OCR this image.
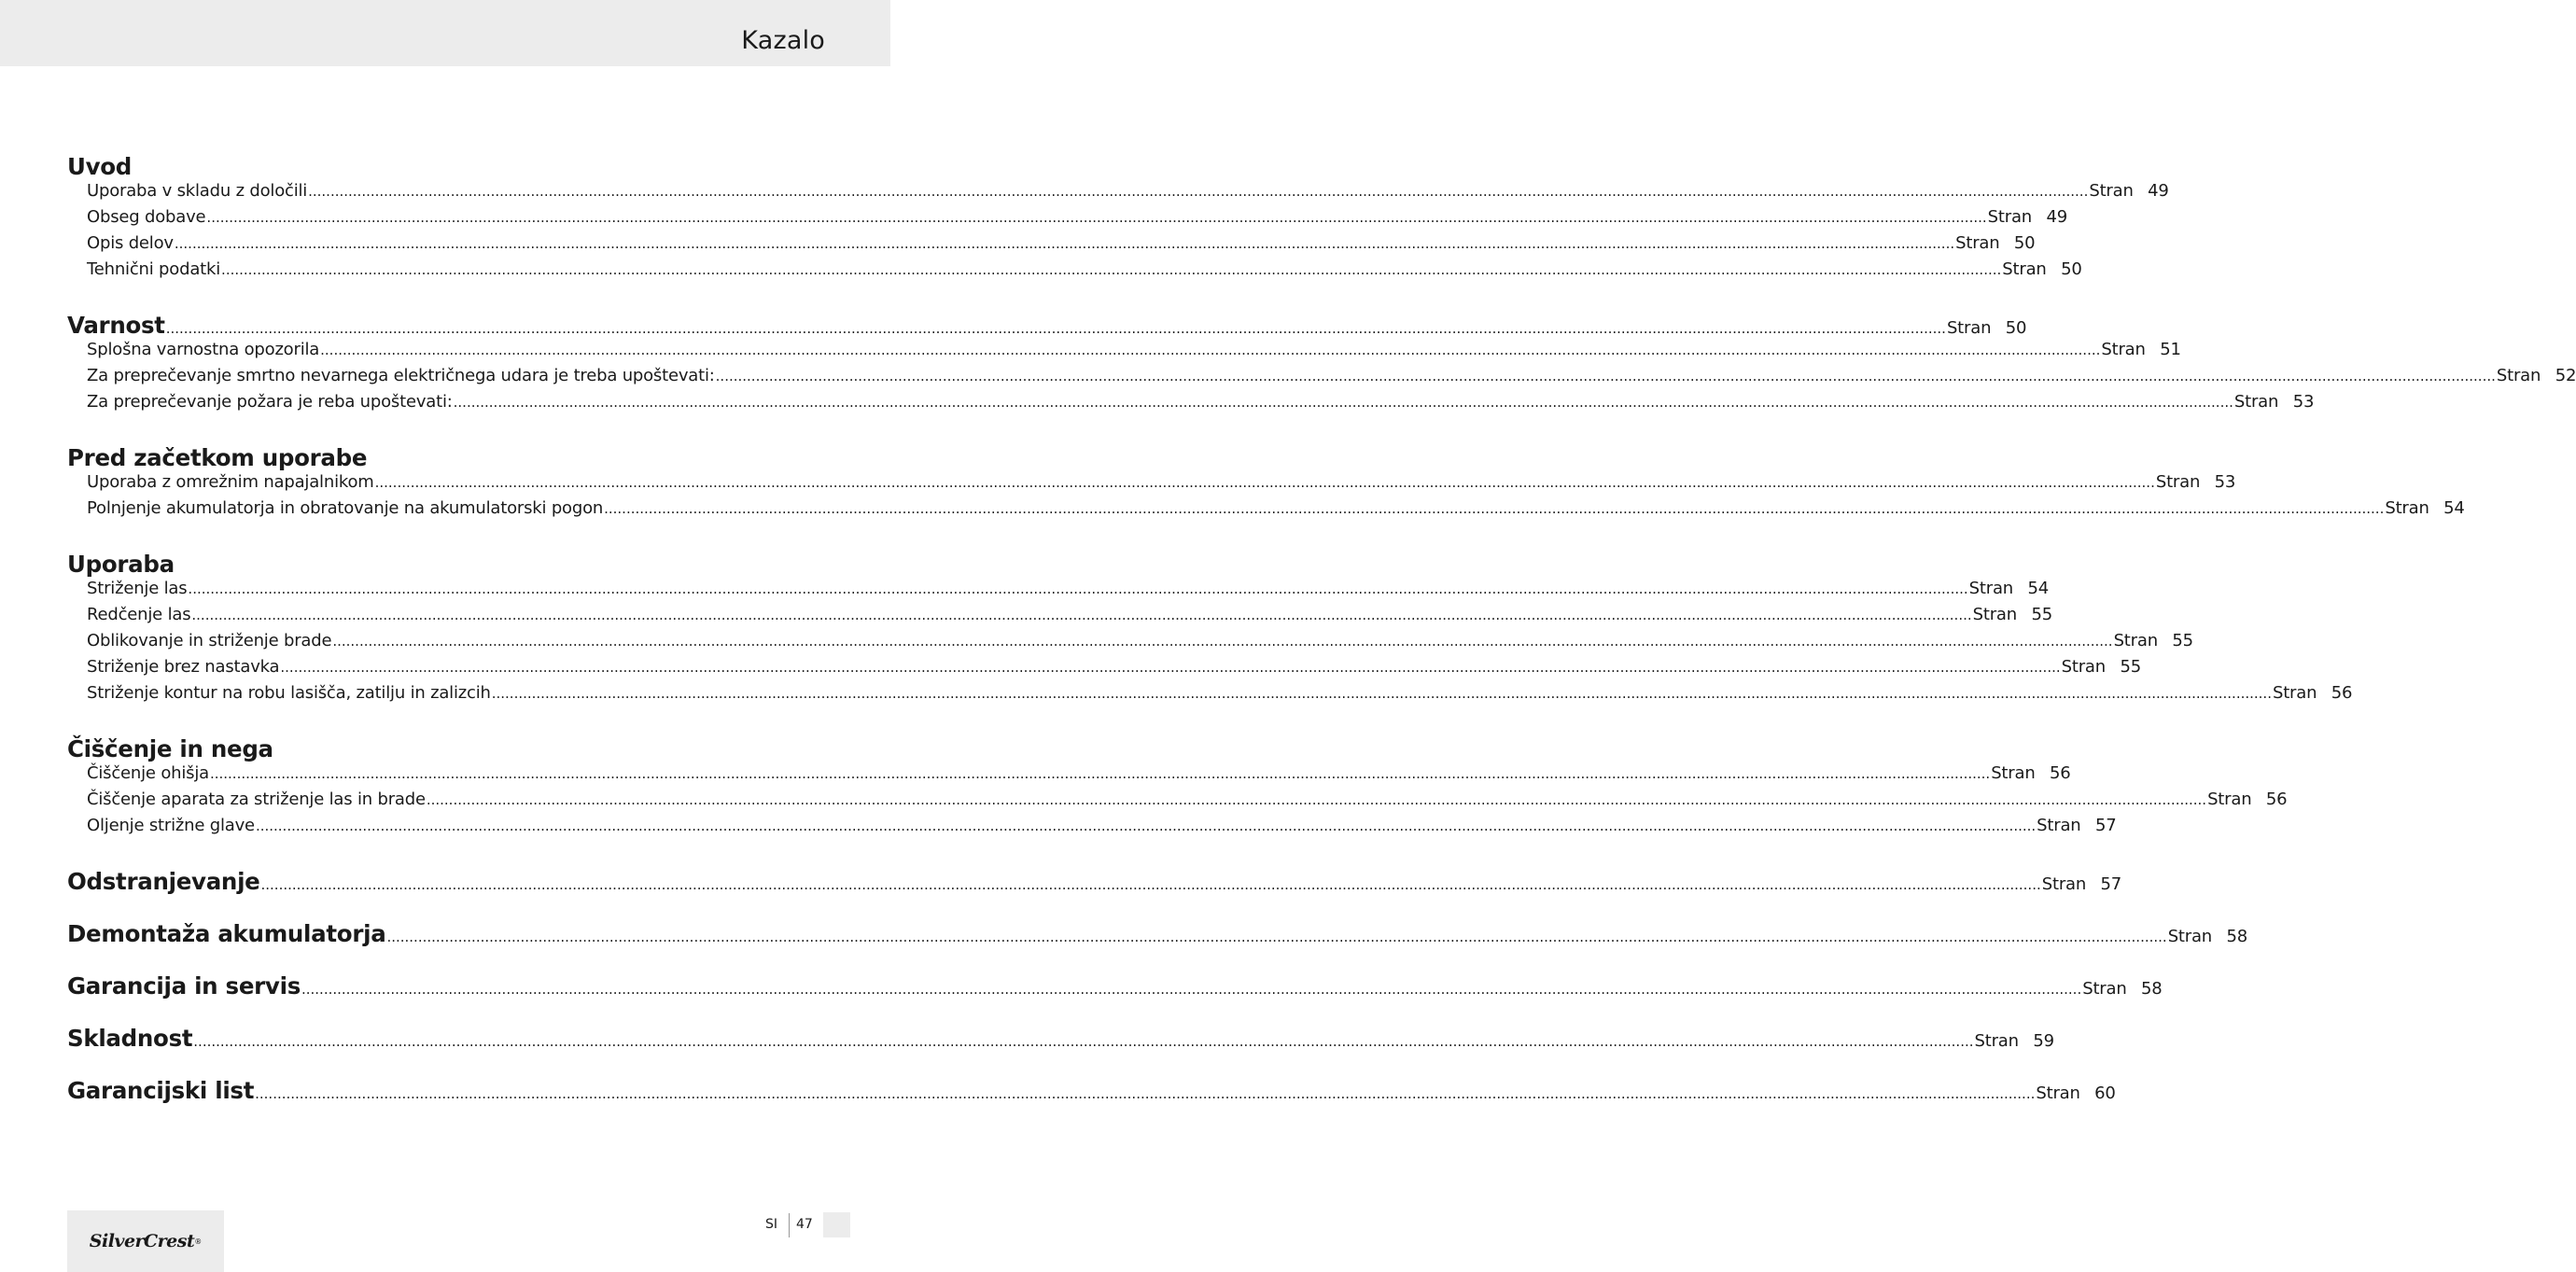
Kazalo
Uvod
Uporaba v skladu z določili ................................................................................................................................................................................................................................................................................................................................................................................................................ Stran 49
Obseg dobave ................................................................................................................................................................................................................................................................................................................................................................................................................ Stran 49
Opis delov ................................................................................................................................................................................................................................................................................................................................................................................................................ Stran 50
Tehnični podatki ................................................................................................................................................................................................................................................................................................................................................................................................................ Stran 50
Varnost ................................................................................................................................................................................................................................................................................................................................................................................................................ Stran 50
Splošna varnostna opozorila ................................................................................................................................................................................................................................................................................................................................................................................................................ Stran 51
Za preprečevanje smrtno nevarnega električnega udara je treba upoštevati: ................................................................................................................................................................................................................................................................................................................................................................................................................ Stran 52
Za preprečevanje požara je reba upoštevati: ................................................................................................................................................................................................................................................................................................................................................................................................................ Stran 53
Pred začetkom uporabe
Uporaba z omrežnim napajalnikom ................................................................................................................................................................................................................................................................................................................................................................................................................ Stran 53
Polnjenje akumulatorja in obratovanje na akumulatorski pogon ................................................................................................................................................................................................................................................................................................................................................................................................................ Stran 54
Uporaba
Striženje las ................................................................................................................................................................................................................................................................................................................................................................................................................ Stran 54
Redčenje las ................................................................................................................................................................................................................................................................................................................................................................................................................ Stran 55
Oblikovanje in striženje brade ................................................................................................................................................................................................................................................................................................................................................................................................................ Stran 55
Striženje brez nastavka ................................................................................................................................................................................................................................................................................................................................................................................................................ Stran 55
Striženje kontur na robu lasišča, zatilju in zalizcih ................................................................................................................................................................................................................................................................................................................................................................................................................ Stran 56
Čiščenje in nega
Čiščenje ohišja ................................................................................................................................................................................................................................................................................................................................................................................................................ Stran 56
Čiščenje aparata za striženje las in brade ................................................................................................................................................................................................................................................................................................................................................................................................................ Stran 56
Oljenje strižne glave ................................................................................................................................................................................................................................................................................................................................................................................................................ Stran 57
Odstranjevanje ................................................................................................................................................................................................................................................................................................................................................................................................................ Stran 57
Demontaža akumulatorja ................................................................................................................................................................................................................................................................................................................................................................................................................ Stran 58
Garancija in servis ................................................................................................................................................................................................................................................................................................................................................................................................................ Stran 58
Skladnost ................................................................................................................................................................................................................................................................................................................................................................................................................ Stran 59
Garancijski list ................................................................................................................................................................................................................................................................................................................................................................................................................ Stran 60
SilverCrest ®
SI 47
